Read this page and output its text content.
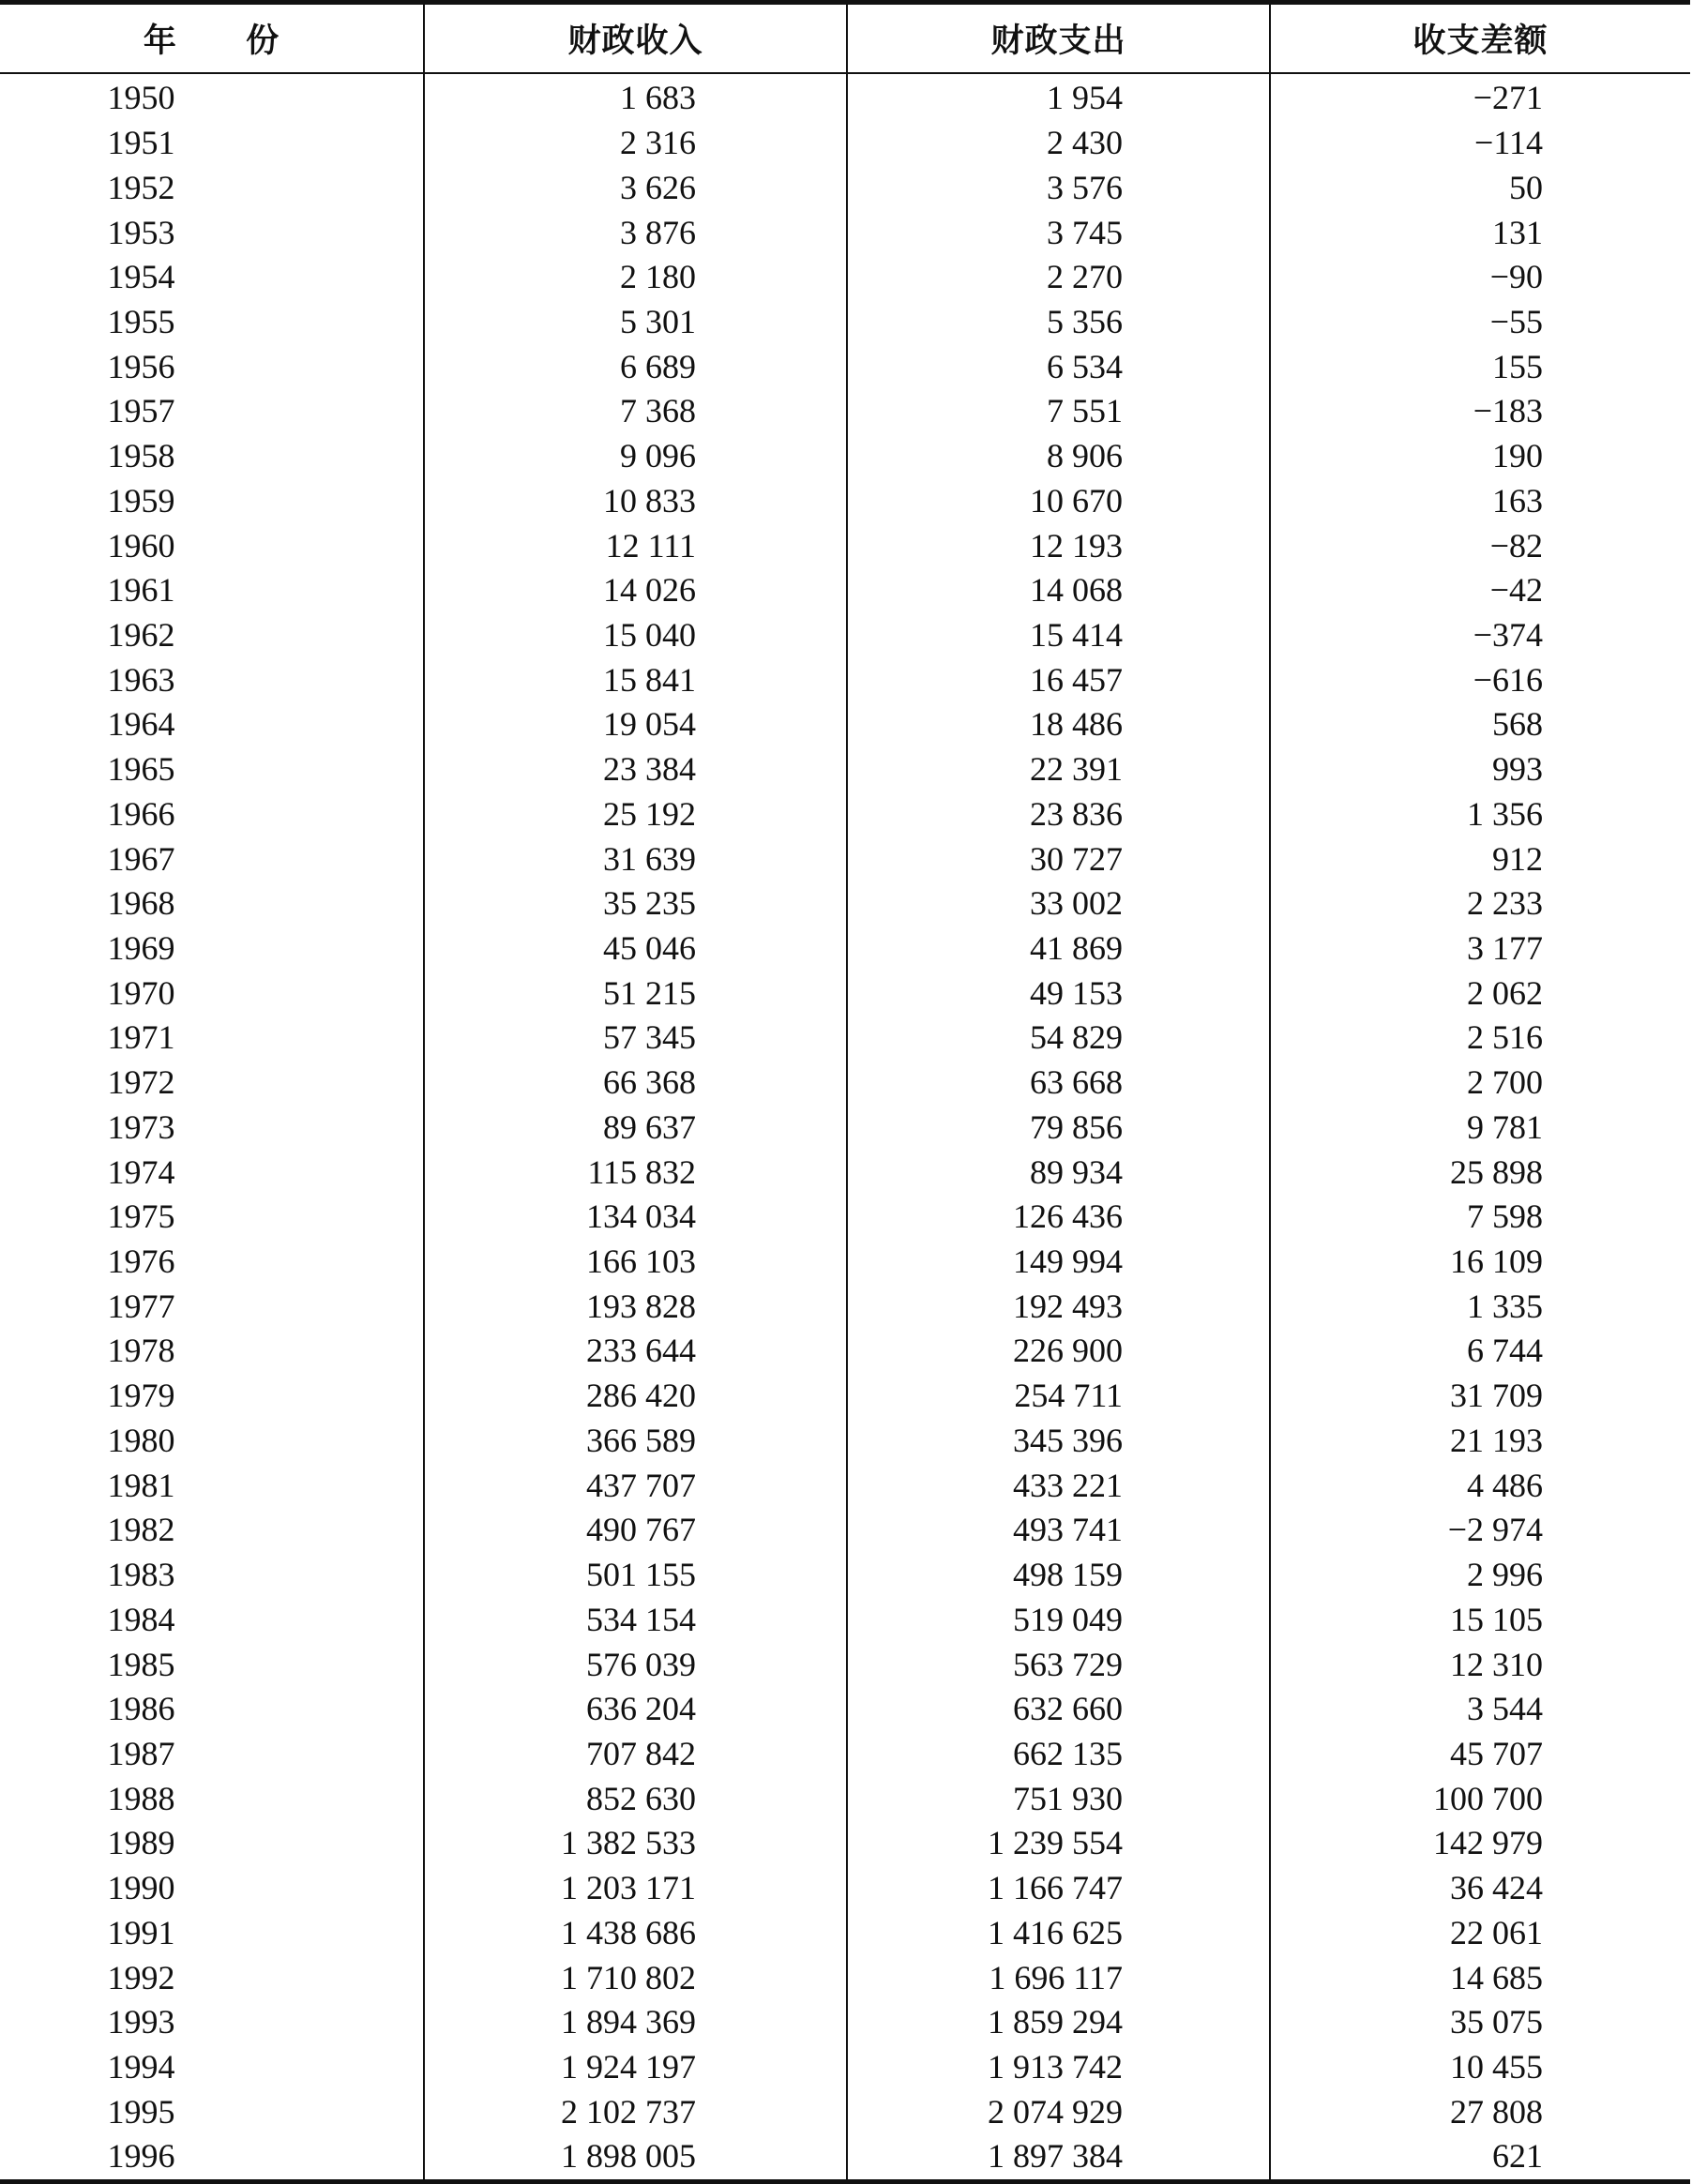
年 份	财政收入	财政支出	收支差额
1950	1 683	1 954	−271
1951	2 316	2 430	−114
1952	3 626	3 576	50
1953	3 876	3 745	131
1954	2 180	2 270	−90
1955	5 301	5 356	−55
1956	6 689	6 534	155
1957	7 368	7 551	−183
1958	9 096	8 906	190
1959	10 833	10 670	163
1960	12 111	12 193	−82
1961	14 026	14 068	−42
1962	15 040	15 414	−374
1963	15 841	16 457	−616
1964	19 054	18 486	568
1965	23 384	22 391	993
1966	25 192	23 836	1 356
1967	31 639	30 727	912
1968	35 235	33 002	2 233
1969	45 046	41 869	3 177
1970	51 215	49 153	2 062
1971	57 345	54 829	2 516
1972	66 368	63 668	2 700
1973	89 637	79 856	9 781
1974	115 832	89 934	25 898
1975	134 034	126 436	7 598
1976	166 103	149 994	16 109
1977	193 828	192 493	1 335
1978	233 644	226 900	6 744
1979	286 420	254 711	31 709
1980	366 589	345 396	21 193
1981	437 707	433 221	4 486
1982	490 767	493 741	−2 974
1983	501 155	498 159	2 996
1984	534 154	519 049	15 105
1985	576 039	563 729	12 310
1986	636 204	632 660	3 544
1987	707 842	662 135	45 707
1988	852 630	751 930	100 700
1989	1 382 533	1 239 554	142 979
1990	1 203 171	1 166 747	36 424
1991	1 438 686	1 416 625	22 061
1992	1 710 802	1 696 117	14 685
1993	1 894 369	1 859 294	35 075
1994	1 924 197	1 913 742	10 455
1995	2 102 737	2 074 929	27 808
1996	1 898 005	1 897 384	621
